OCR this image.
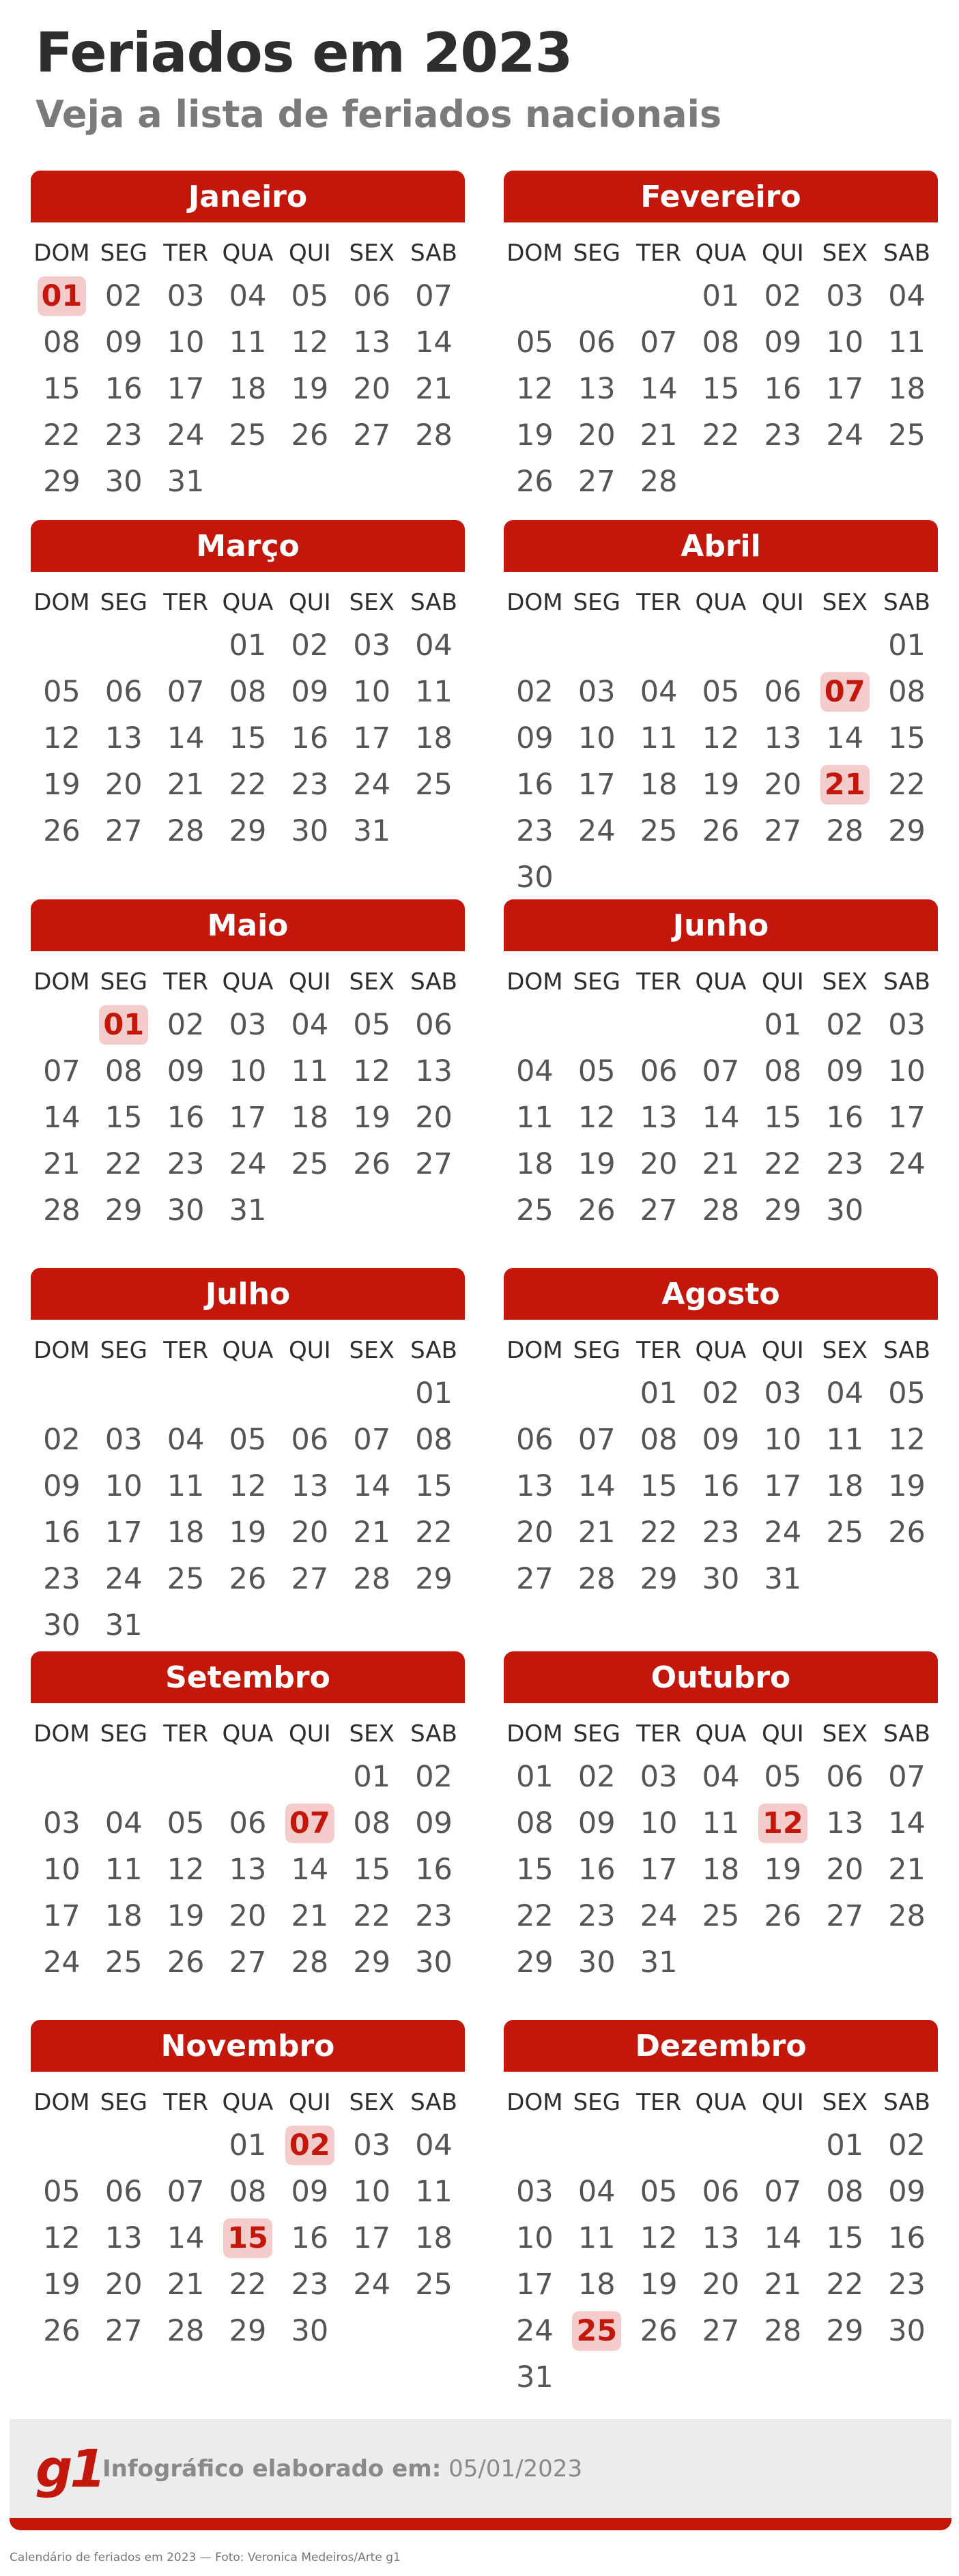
Feriados em 2023
Veja a lista de feriados nacionais
Janeiro
DOM SEG TER QUA QUI SEX SAB
01 02 03 04 05 06 07
08 09 10 11 12 13 14
15 16 17 18 19 20 21
22 23 24 25 26 27 28
29 30 31
Fevereiro
DOM SEG TER QUA QUI SEX SAB
01 02 03 04
05 06 07 08 09 10 11
12 13 14 15 16 17 18
19 20 21 22 23 24 25
26 27 28
Março
DOM SEG TER QUA QUI SEX SAB
01 02 03 04
05 06 07 08 09 10 11
12 13 14 15 16 17 18
19 20 21 22 23 24 25
26 27 28 29 30 31
Abril
DOM SEG TER QUA QUI SEX SAB
01
02 03 04 05 06 07 08
09 10 11 12 13 14 15
16 17 18 19 20 21 22
23 24 25 26 27 28 29
30
Maio
DOM SEG TER QUA QUI SEX SAB
01 02 03 04 05 06
07 08 09 10 11 12 13
14 15 16 17 18 19 20
21 22 23 24 25 26 27
28 29 30 31
Junho
DOM SEG TER QUA QUI SEX SAB
01 02 03
04 05 06 07 08 09 10
11 12 13 14 15 16 17
18 19 20 21 22 23 24
25 26 27 28 29 30
Julho
DOM SEG TER QUA QUI SEX SAB
01
02 03 04 05 06 07 08
09 10 11 12 13 14 15
16 17 18 19 20 21 22
23 24 25 26 27 28 29
30 31
Agosto
DOM SEG TER QUA QUI SEX SAB
01 02 03 04 05
06 07 08 09 10 11 12
13 14 15 16 17 18 19
20 21 22 23 24 25 26
27 28 29 30 31
Setembro
DOM SEG TER QUA QUI SEX SAB
01 02
03 04 05 06 07 08 09
10 11 12 13 14 15 16
17 18 19 20 21 22 23
24 25 26 27 28 29 30
Outubro
DOM SEG TER QUA QUI SEX SAB
01 02 03 04 05 06 07
08 09 10 11 12 13 14
15 16 17 18 19 20 21
22 23 24 25 26 27 28
29 30 31
Novembro
DOM SEG TER QUA QUI SEX SAB
01 02 03 04
05 06 07 08 09 10 11
12 13 14 15 16 17 18
19 20 21 22 23 24 25
26 27 28 29 30
Dezembro
DOM SEG TER QUA QUI SEX SAB
01 02
03 04 05 06 07 08 09
10 11 12 13 14 15 16
17 18 19 20 21 22 23
24 25 26 27 28 29 30
31
g1
Infográfico elaborado em: 05/01/2023
Calendário de feriados em 2023 — Foto: Veronica Medeiros/Arte g1
